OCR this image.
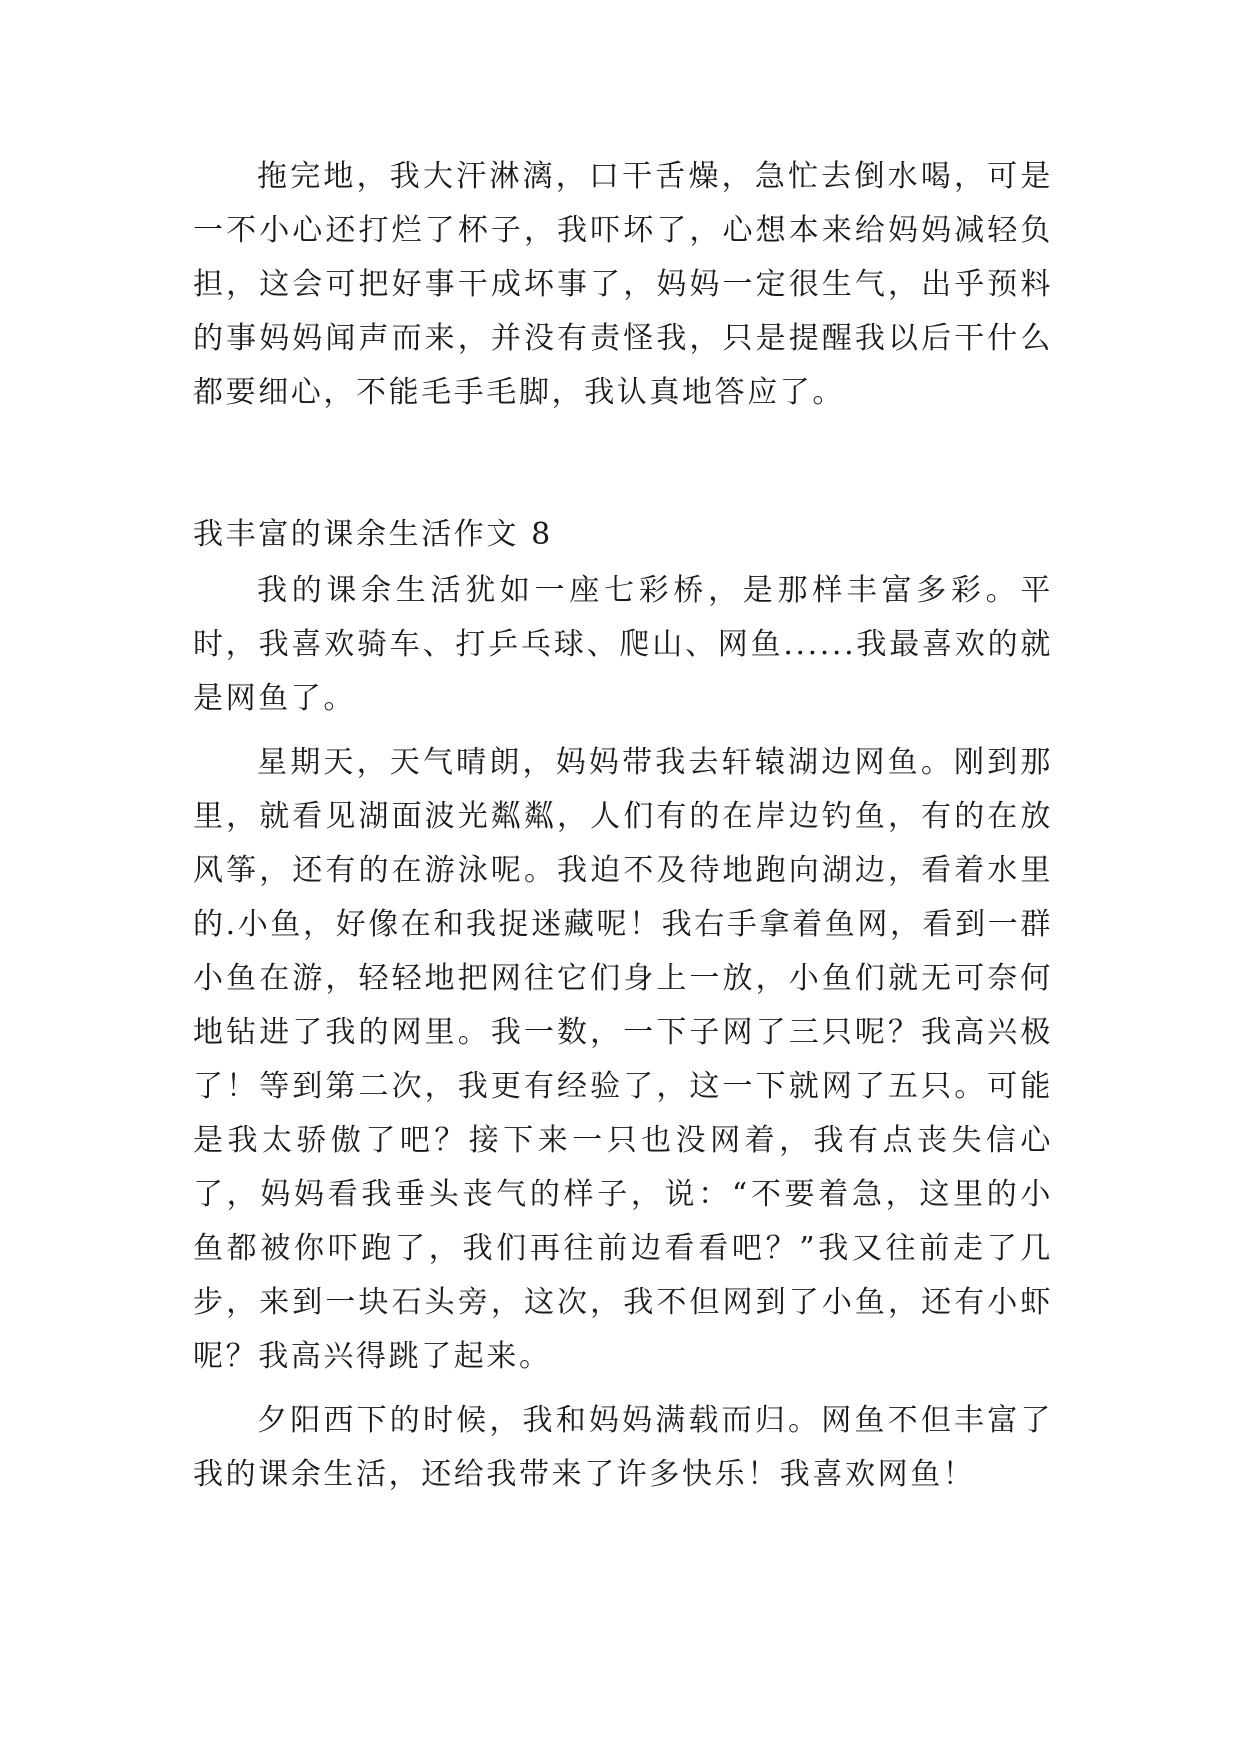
拖完地，我大汗淋漓，口干舌燥，急忙去倒水喝，可是一不小心还打烂了杯子，我吓坏了，心想本来给妈妈减轻负担，这会可把好事干成坏事了，妈妈一定很生气，出乎预料的事妈妈闻声而来，并没有责怪我，只是提醒我以后干什么都要细心，不能毛手毛脚，我认真地答应了。

我丰富的课余生活作文 8

我的课余生活犹如一座七彩桥，是那样丰富多彩。平时，我喜欢骑车、打乒乓球、爬山、网鱼......我最喜欢的就是网鱼了。

星期天，天气晴朗，妈妈带我去轩辕湖边网鱼。刚到那里，就看见湖面波光粼粼，人们有的在岸边钓鱼，有的在放风筝，还有的在游泳呢。我迫不及待地跑向湖边，看着水里的.小鱼，好像在和我捉迷藏呢！我右手拿着鱼网，看到一群小鱼在游，轻轻地把网往它们身上一放，小鱼们就无可奈何地钻进了我的网里。我一数，一下子网了三只呢？我高兴极了！等到第二次，我更有经验了，这一下就网了五只。可能是我太骄傲了吧？接下来一只也没网着，我有点丧失信心了，妈妈看我垂头丧气的样子，说：“不要着急，这里的小鱼都被你吓跑了，我们再往前边看看吧？”我又往前走了几步，来到一块石头旁，这次，我不但网到了小鱼，还有小虾呢？我高兴得跳了起来。

夕阳西下的时候，我和妈妈满载而归。网鱼不但丰富了我的课余生活，还给我带来了许多快乐！我喜欢网鱼！
